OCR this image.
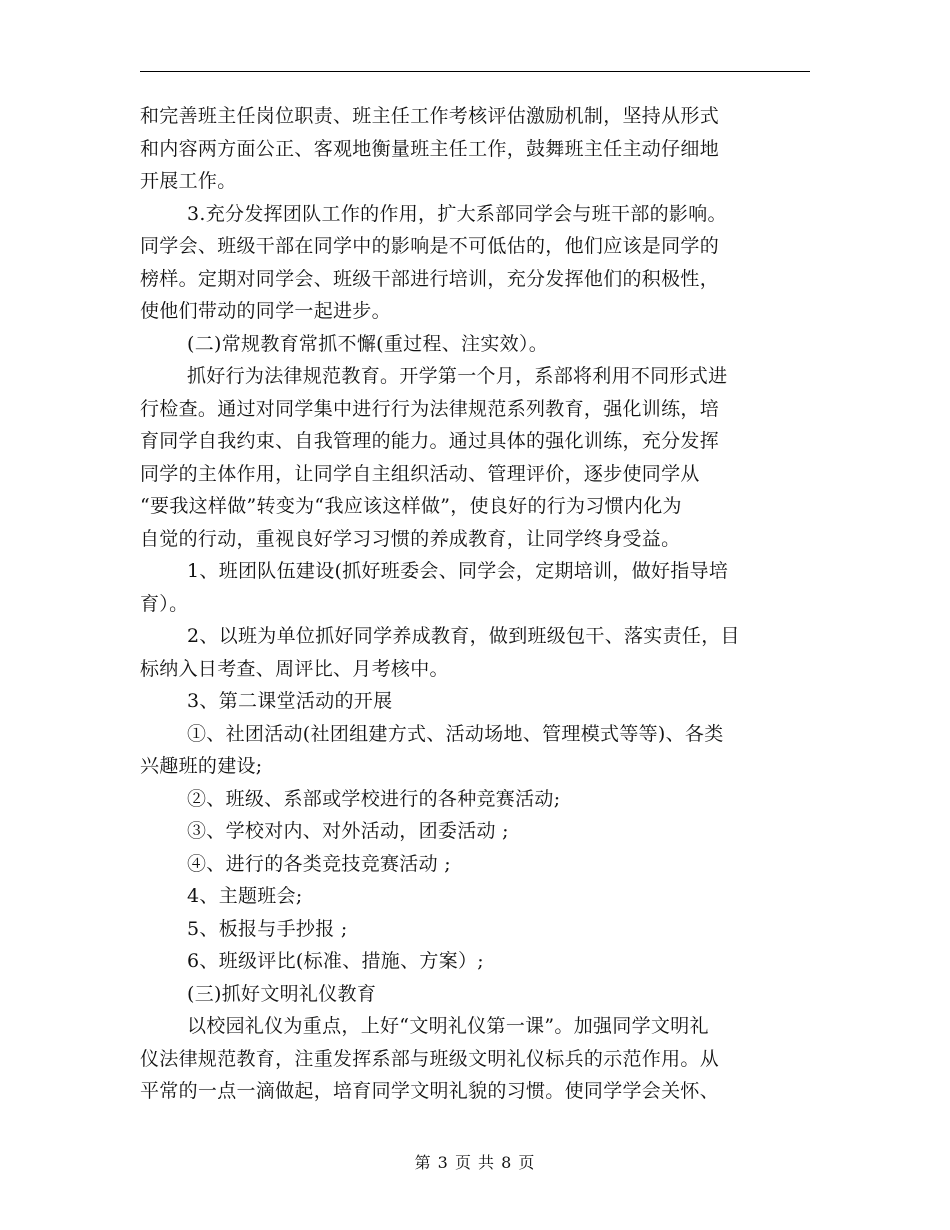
和完善班主任岗位职责、班主任工作考核评估激励机制，坚持从形式
和内容两方面公正、客观地衡量班主任工作，鼓舞班主任主动仔细地
开展工作。
3.充分发挥团队工作的作用，扩大系部同学会与班干部的影响。
同学会、班级干部在同学中的影响是不可低估的，他们应该是同学的
榜样。定期对同学会、班级干部进行培训，充分发挥他们的积极性，
使他们带动的同学一起进步。
(二)常规教育常抓不懈(重过程、注实效）。
抓好行为法律规范教育。开学第一个月，系部将利用不同形式进
行检查。通过对同学集中进行行为法律规范系列教育，强化训练，培
育同学自我约束、自我管理的能力。通过具体的强化训练，充分发挥
同学的主体作用，让同学自主组织活动、管理评价，逐步使同学从
“要我这样做”转变为“我应该这样做”，使良好的行为习惯内化为
自觉的行动，重视良好学习习惯的养成教育，让同学终身受益。
1、班团队伍建设(抓好班委会、同学会，定期培训，做好指导培
育）。
2、以班为单位抓好同学养成教育，做到班级包干、落实责任，目
标纳入日考查、周评比、月考核中。
3、第二课堂活动的开展
①、社团活动(社团组建方式、活动场地、管理模式等等)、各类
兴趣班的建设;
②、班级、系部或学校进行的各种竞赛活动;
③、学校对内、对外活动，团委活动 ;
④、进行的各类竞技竞赛活动 ;
4、主题班会;
5、板报与手抄报 ;
6、班级评比(标准、措施、方案）;
(三)抓好文明礼仪教育
以校园礼仪为重点，上好“文明礼仪第一课”。加强同学文明礼
仪法律规范教育，注重发挥系部与班级文明礼仪标兵的示范作用。从
平常的一点一滴做起，培育同学文明礼貌的习惯。使同学学会关怀、
第 3 页 共 8 页
